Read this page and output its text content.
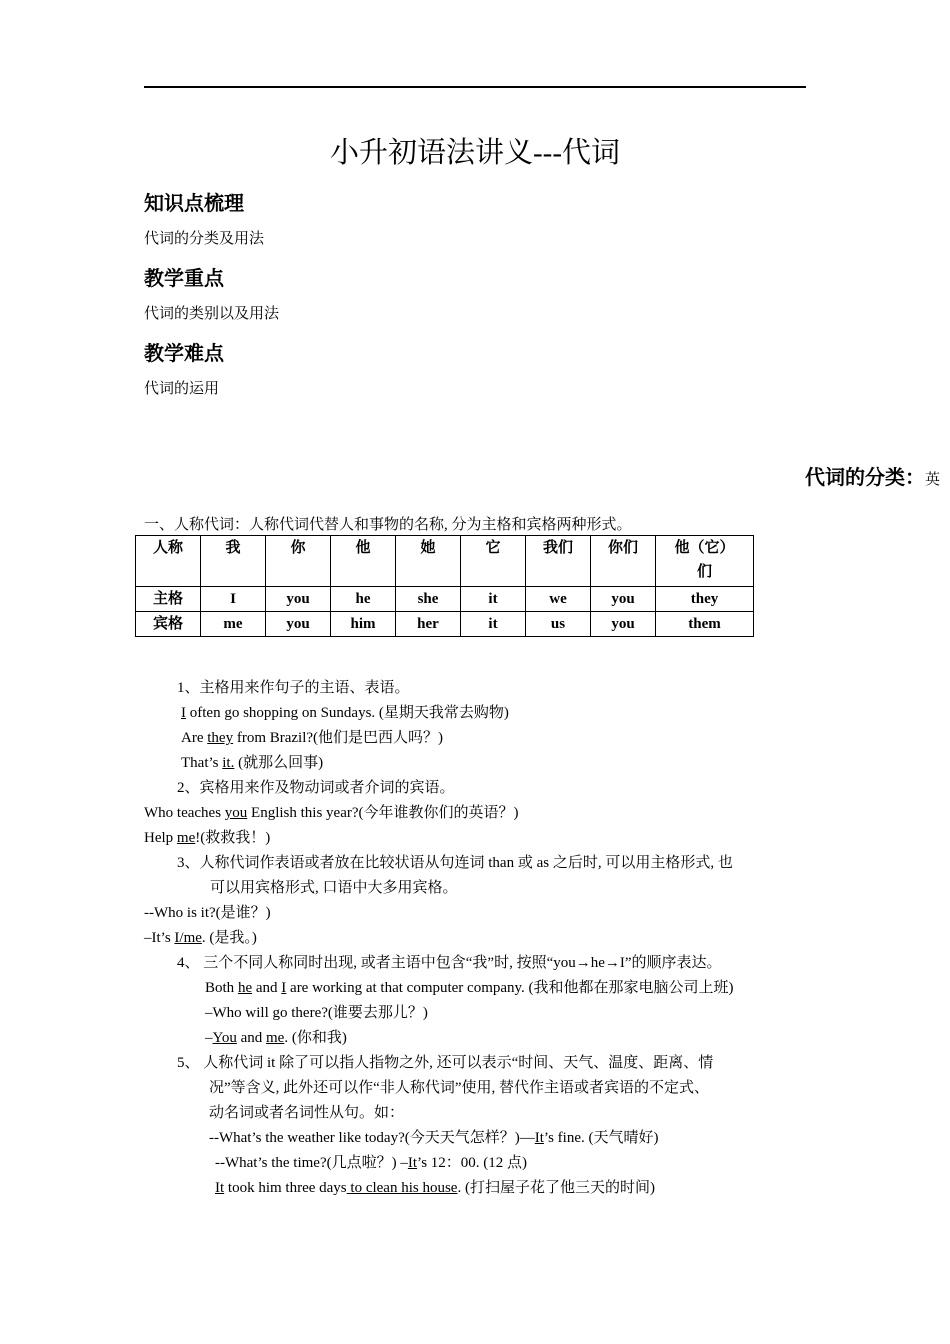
小升初语法讲义---代词
知识点梳理
代词的分类及用法
教学重点
代词的类别以及用法
教学难点
代词的运用
代词的分类：英
一、人称代词：人称代词代替人和事物的名称, 分为主格和宾格两种形式。
人称	我	你	他	她	它	我们	你们	他（它）们
主格	I	you	he	she	it	we	you	they
宾格	me	you	him	her	it	us	you	them
1、主格用来作句子的主语、表语。
I often go shopping on Sundays. (星期天我常去购物)
Are they from Brazil?(他们是巴西人吗？)
That’s it. (就那么回事)
2、宾格用来作及物动词或者介词的宾语。
Who teaches you English this year?(今年谁教你们的英语？)
Help me!(救救我！)
3、人称代词作表语或者放在比较状语从句连词 than 或 as 之后时, 可以用主格形式, 也
可以用宾格形式, 口语中大多用宾格。
--Who is it?(是谁？)
–It’s I/me. (是我。)
4、 三个不同人称同时出现, 或者主语中包含“我”时, 按照“you→he→I”的顺序表达。
Both he and I are working at that computer company. (我和他都在那家电脑公司上班)
–Who will go there?(谁要去那儿？)
–You and me. (你和我)
5、 人称代词 it 除了可以指人指物之外, 还可以表示“时间、天气、温度、距离、情
况”等含义, 此外还可以作“非人称代词”使用, 替代作主语或者宾语的不定式、
动名词或者名词性从句。如：
--What’s the weather like today?(今天天气怎样？)—It’s fine. (天气晴好)
--What’s the time?(几点啦？) –It’s 12：00. (12 点)
It took him three days to clean his house. (打扫屋子花了他三天的时间)
